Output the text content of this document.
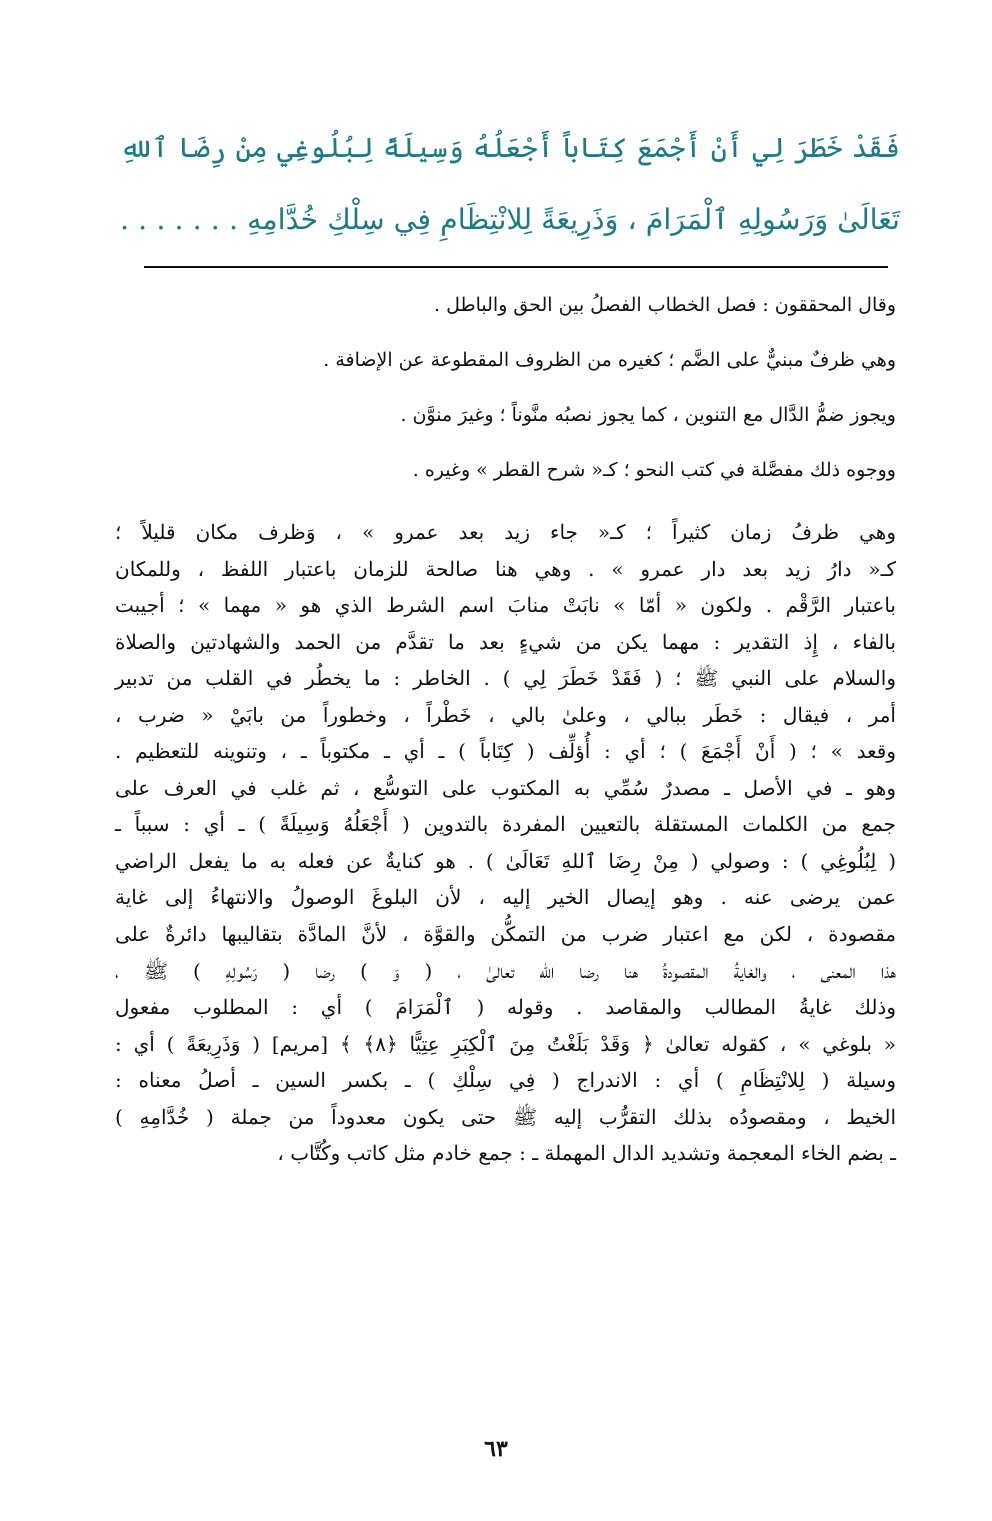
فَقَدْ خَطَرَ لِي أَنْ أَجْمَعَ كِتَاباً أَجْعَلُهُ وَسِيلَةً لِبُلُوغِي مِنْ رِضَا ٱللهِ
تَعَالَىٰ وَرَسُولِهِ ٱلْمَرَامَ ، وَذَرِيعَةً لِلانْتِظَامِ فِي سِلْكِ خُدَّامِهِ . . . . . . .
وقال المحققون : فصل الخطاب الفصلُ بين الحق والباطل .
وهي ظرفٌ مبنيٌّ على الضَّم ؛ كغيره من الظروف المقطوعة عن الإضافة .
ويجوز ضمُّ الدَّال مع التنوين ، كما يجوز نصبُه منَّوناً ؛ وغيرَ منوَّن .
ووجوه ذلك مفصَّلة في كتب النحو ؛ كـ« شرح القطر » وغيره .
وهي ظرفُ زمان كثيراً ؛ كـ« جاء زيد بعد عمرو » ، وَظرف مكان قليلاً ؛
كـ« دارُ زيد بعد دار عمرو » . وهي هنا صالحة للزمان باعتبار اللفظ ، وللمكان
باعتبار الرَّقْم . ولكون « أمّا » نابَتْ منابَ اسم الشرط الذي هو « مهما » ؛ أجيبت
بالفاء ، إِذ التقدير : مهما يكن من شيءٍ بعد ما تقدَّم من الحمد والشهادتين والصلاة
والسلام على النبي ﷺ ؛ ( فَقَدْ خَطَرَ لِي ) . الخاطر : ما يخطُر في القلب من تدبير
أمر ، فيقال : خَطَر ببالي ، وعلىٰ بالي ، خَطْراً ، وخطوراً من بابَيْ « ضرب ،
وقعد » ؛ ( أَنْ أَجْمَعَ ) ؛ أي : أُؤلِّف ( كِتَاباً ) ـ أي ـ مكتوباً ـ ، وتنوينه للتعظيم .
وهو ـ في الأصل ـ مصدرٌ سُمِّي به المكتوب على التوسُّع ، ثم غلب في العرف على
جمع من الكلمات المستقلة بالتعيين المفردة بالتدوين ( أَجْعَلُهُ وَسِيلَةً ) ـ أي : سبباً ـ
( لِبُلُوغِي ) : وصولي ( مِنْ رِضَا ٱللهِ تَعَالَىٰ ) . هو كنايةٌ عن فعله به ما يفعل الراضي
عمن يرضى عنه . وهو إيصال الخير إليه ، لأن البلوغَ الوصولُ والانتهاءُ إلى غاية
مقصودة ، لكن مع اعتبار ضرب من التمكُّن والقوَّة ، لأنَّ المادَّة بتقاليبها دائرةٌ على
هذا المعنى ، والغايةُ المقصودةُ هنا رضا الله تعالىٰ ، ( وَ ) رضا ( رَسُولِهِ ) ﷺ ،
وذلك غايةُ المطالب والمقاصد . وقوله ( ٱلْمَرَامَ ) أي : المطلوب مفعول
« بلوغي » ، كقوله تعالىٰ ﴿ وَقَدْ بَلَغْتُ مِنَ ٱلْكِبَرِ عِتِيًّا ﴿٨﴾ ﴾ [مريم] ( وَذَرِيعَةً ) أي :
وسيلة ( لِلانْتِظَامِ ) أي : الاندراج ( فِي سِلْكِ ) ـ بكسر السين ـ أصلُ معناه :
الخيط ، ومقصودُه بذلك التقرُّب إليه ﷺ حتى يكون معدوداً من جملة ( خُدَّامِهِ )
ـ بضم الخاء المعجمة وتشديد الدال المهملة ـ : جمع خادم مثل كاتب وكُتَّاب ،
٦٣
